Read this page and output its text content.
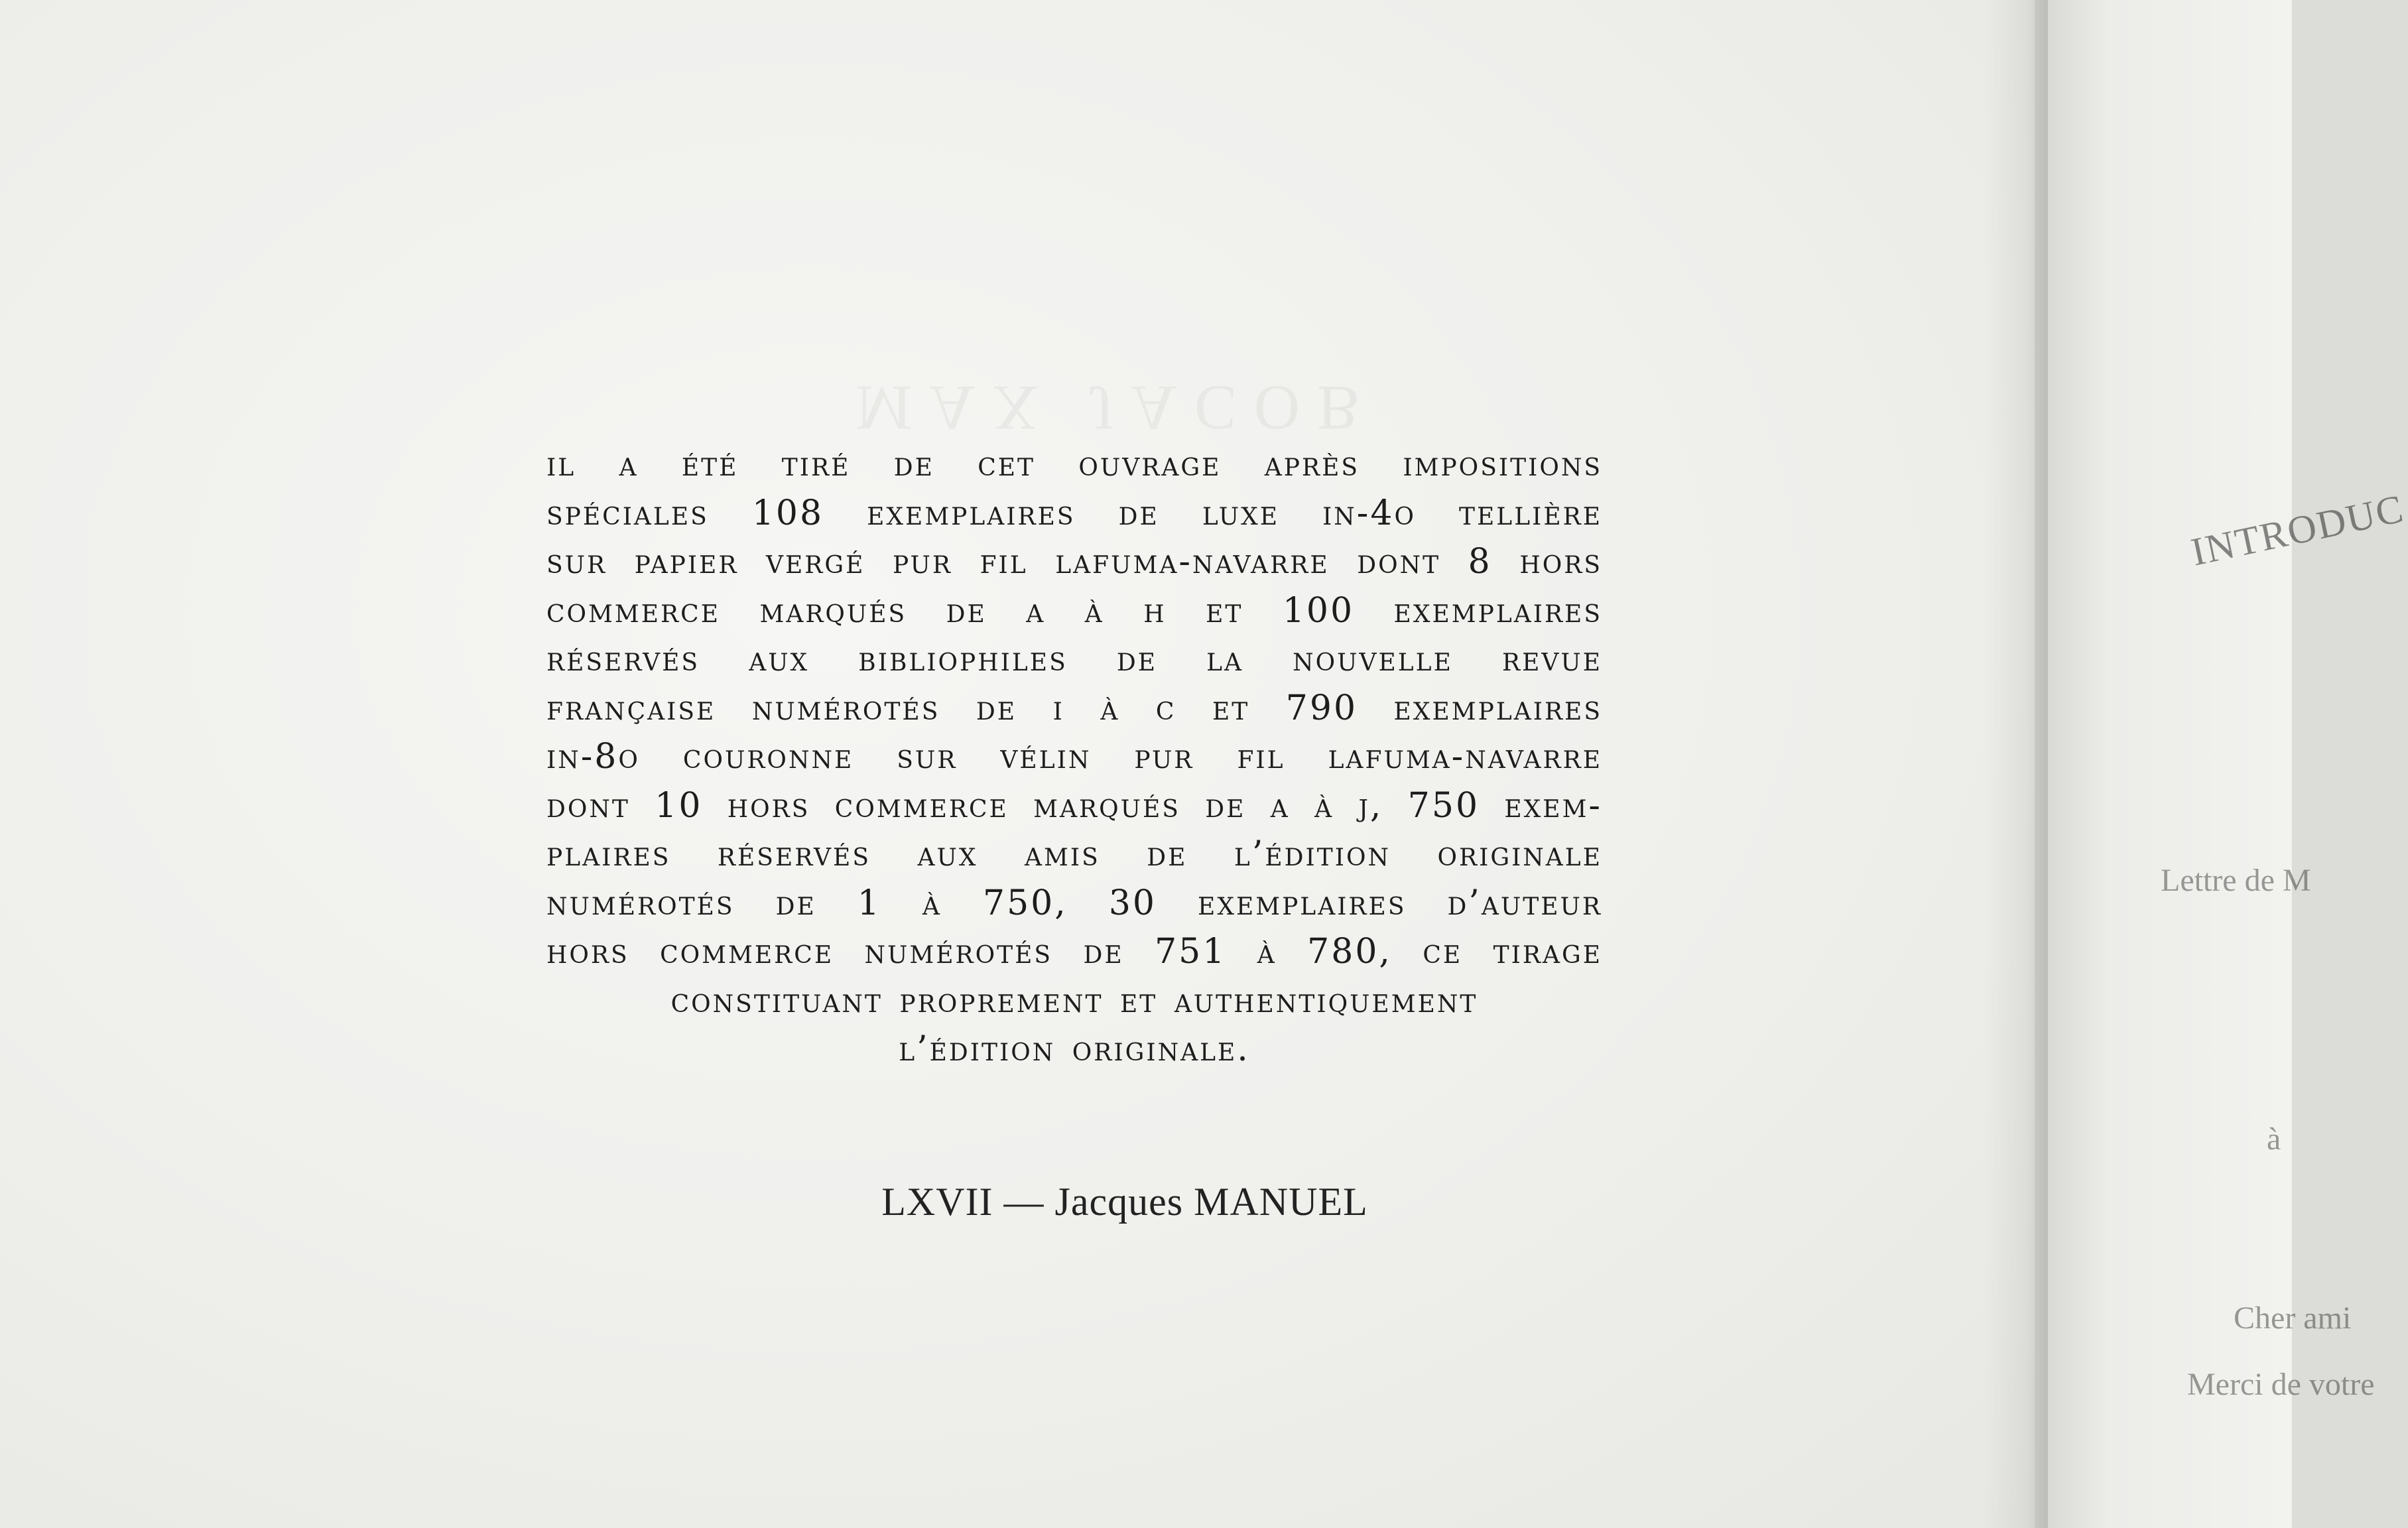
il a été tiré de cet ouvrage après impositions
spéciales 108 exemplaires de luxe in-4o tellière
sur papier vergé pur fil lafuma-navarre dont 8 hors
commerce marqués de a à h et 100 exemplaires
réservés aux bibliophiles de la nouvelle revue
française numérotés de i à c et 790 exemplaires
in-8o couronne sur vélin pur fil lafuma-navarre
dont 10 hors commerce marqués de a à j, 750 exem-
plaires réservés aux amis de l’édition originale
numérotés de 1 à 750, 30 exemplaires d’auteur
hors commerce numérotés de 751 à 780, ce tirage
constituant proprement et authentiquement
l’édition originale.
LXVII — Jacques MANUEL
INTRODUC
Lettre de M
à
Cher ami
Merci de votre
